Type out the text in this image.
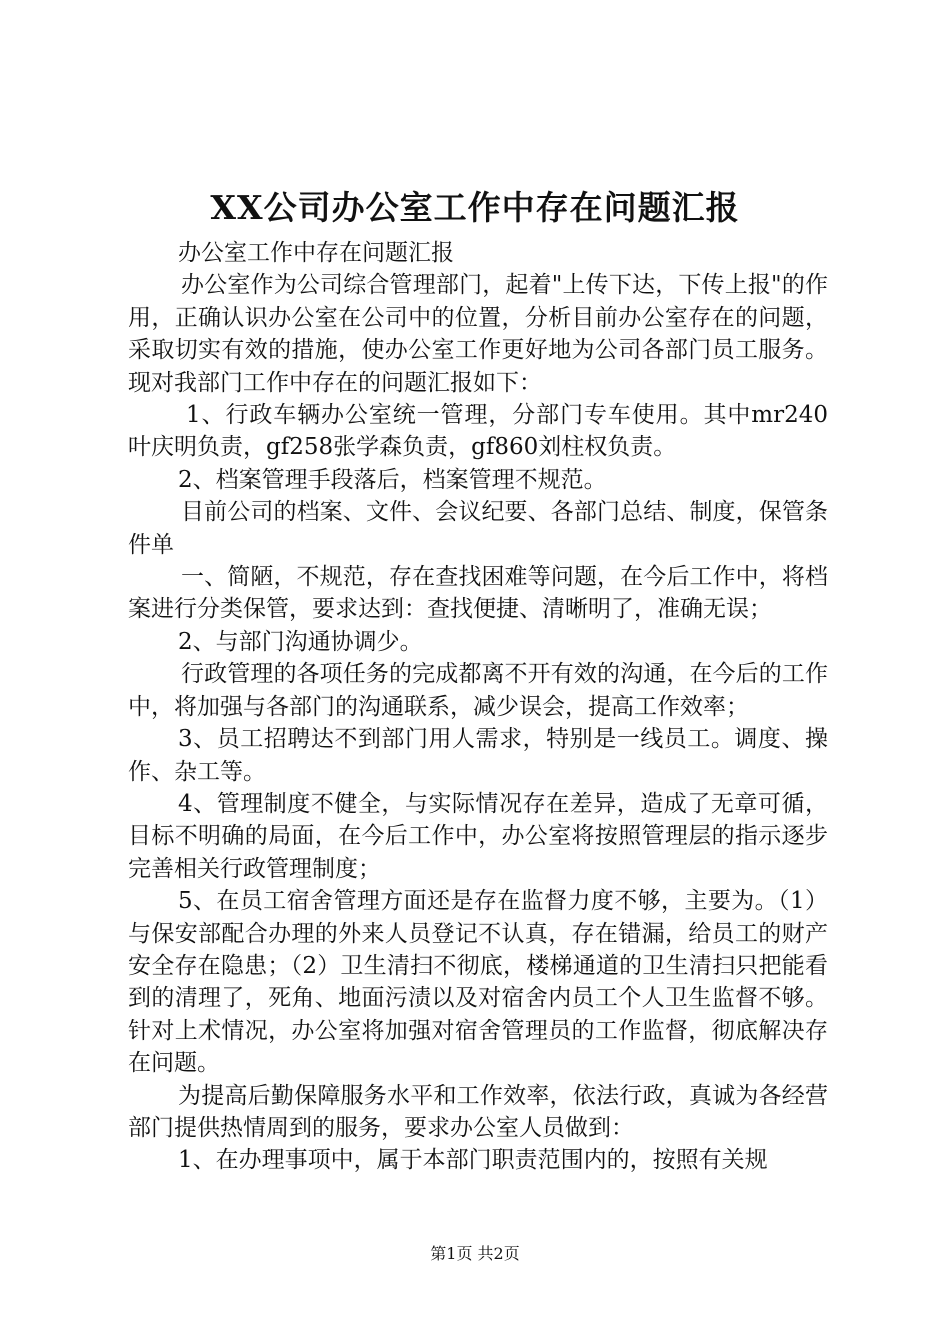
XX公司办公室工作中存在问题汇报

办公室工作中存在问题汇报

办公室作为公司综合管理部门，起着"上传下达，下传上报"的作用，正确认识办公室在公司中的位置，分析目前办公室存在的问题，采取切实有效的措施，使办公室工作更好地为公司各部门员工服务。现对我部门工作中存在的问题汇报如下：

1、行政车辆办公室统一管理，分部门专车使用。其中mr240叶庆明负责，gf258张学森负责，gf860刘柱权负责。

2、档案管理手段落后，档案管理不规范。

目前公司的档案、文件、会议纪要、各部门总结、制度，保管条件单

一、简陋，不规范，存在查找困难等问题，在今后工作中，将档案进行分类保管，要求达到：查找便捷、清晰明了，准确无误；

2、与部门沟通协调少。

行政管理的各项任务的完成都离不开有效的沟通，在今后的工作中，将加强与各部门的沟通联系，减少误会，提高工作效率；

3、员工招聘达不到部门用人需求，特别是一线员工。调度、操作、杂工等。

4、管理制度不健全，与实际情况存在差异，造成了无章可循，目标不明确的局面，在今后工作中，办公室将按照管理层的指示逐步完善相关行政管理制度；

5、在员工宿舍管理方面还是存在监督力度不够，主要为。（1）与保安部配合办理的外来人员登记不认真，存在错漏，给员工的财产安全存在隐患；（2）卫生清扫不彻底，楼梯通道的卫生清扫只把能看到的清理了，死角、地面污渍以及对宿舍内员工个人卫生监督不够。针对上术情况，办公室将加强对宿舍管理员的工作监督，彻底解决存在问题。

为提高后勤保障服务水平和工作效率，依法行政，真诚为各经营部门提供热情周到的服务，要求办公室人员做到：

1、在办理事项中，属于本部门职责范围内的，按照有关规

第1页 共2页
